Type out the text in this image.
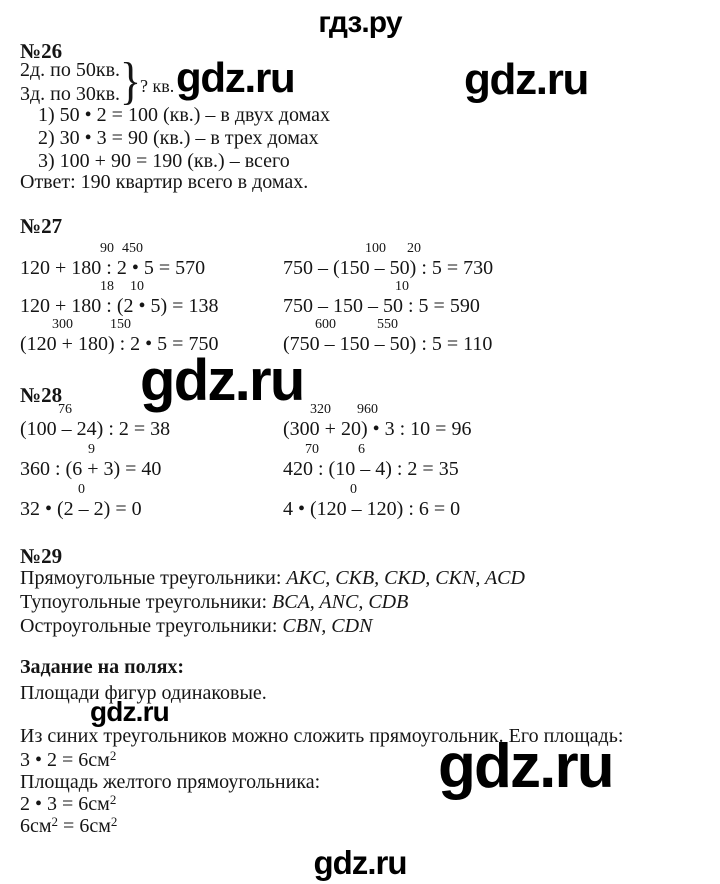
гдз.ру
№26
2д. по 50кв.
3д. по 30кв. }
? кв. gdz.ru	gdz.ru
1) 50 • 2 = 100 (кв.) – в двух домах
2) 30 • 3 = 90 (кв.) – в трех домах
3) 100 + 90 = 190 (кв.) – всего
Ответ: 190 квартир всего в домах.
№27
90 450
120 + 180 : 2 • 5 = 570
18 10
120 + 180 : (2 • 5) = 138
300	150
(120 + 180) : 2 • 5 = 750
100 20
750 – (150 – 50) : 5 = 730
10
750 – 150 – 50 : 5 = 590
600	550
(750 – 150 – 50) : 5 = 110
№28 gdz.ru
76
(100 – 24) : 2 = 38
9
360 : (6 + 3) = 40
0
32 • (2 – 2) = 0
320 960
(300 + 20) • 3 : 10 = 96
70	6
420 : (10 – 4) : 2 = 35
0
4 • (120 – 120) : 6 = 0
№29
Прямоугольные треугольники: AKC, CKB, CKD, CKN, ACD
Тупоугольные треугольники: BCA, ANC, CDB
Остроугольные треугольники: CBN, CDN
Задание на полях:
Площади фигур одинаковые.
gdz.ru
Из синих треугольников можно сложить прямоугольник. Его площадь:
3 • $2 = 6см^2$
Площадь желтого прямоугольника:
2 • $3 = 6см^2$
$6см^2 = 6см^2$
gdz.ru
gdz.ru
